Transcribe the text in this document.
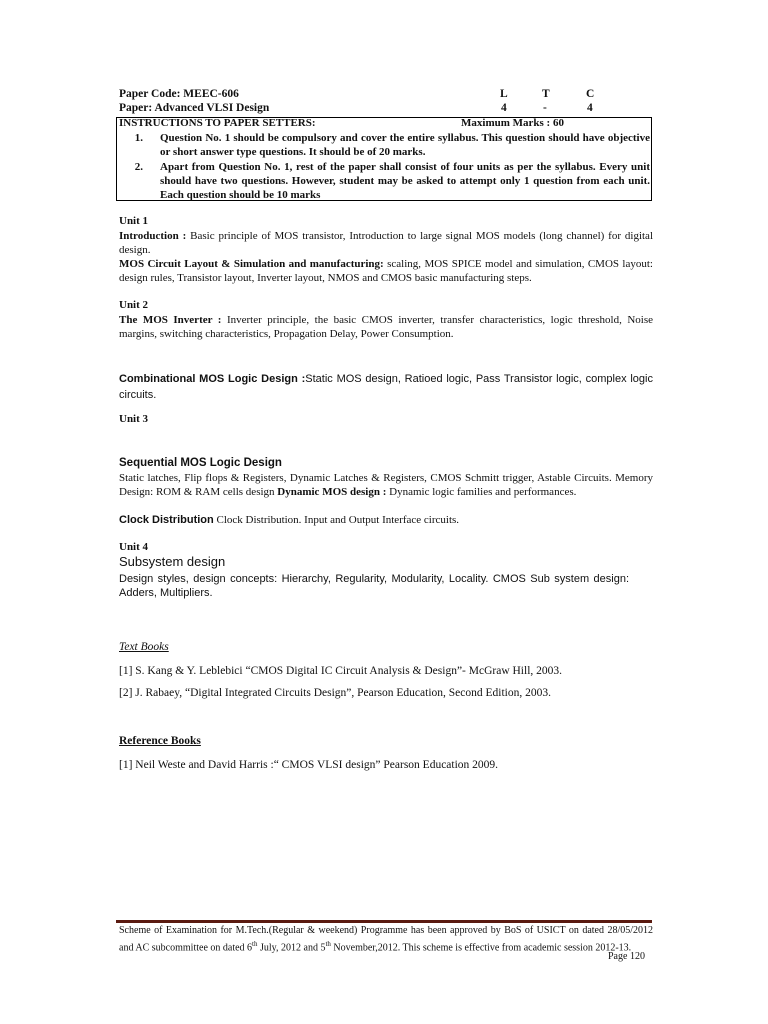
Paper Code: MEEC-606
Paper: Advanced VLSI Design
L	T	C
4	-	4
INSTRUCTIONS TO PAPER SETTERS:	Maximum Marks : 60
1.	Question No. 1 should be compulsory and cover the entire syllabus. This question should have objective or short answer type questions. It should be of 20 marks.
2.	Apart from Question No. 1, rest of the paper shall consist of four units as per the syllabus. Every unit should have two questions. However, student may be asked to attempt only 1 question from each unit. Each question should be 10 marks
Unit 1
Introduction : Basic principle of MOS transistor, Introduction to large signal MOS models (long channel) for digital design.
MOS Circuit Layout & Simulation and manufacturing: scaling, MOS SPICE model and simulation, CMOS layout: design rules, Transistor layout, Inverter layout, NMOS and CMOS basic manufacturing steps.
Unit 2
The MOS Inverter : Inverter principle, the basic CMOS inverter, transfer characteristics, logic threshold, Noise margins, switching characteristics, Propagation Delay, Power Consumption.
Combinational MOS Logic Design :Static MOS design, Ratioed logic, Pass Transistor logic, complex logic circuits.
Unit 3
Sequential MOS Logic Design
Static latches, Flip flops & Registers, Dynamic Latches & Registers, CMOS Schmitt trigger, Astable Circuits. Memory Design: ROM & RAM cells design Dynamic MOS design : Dynamic logic families and performances.
Clock Distribution Clock Distribution. Input and Output Interface circuits.
Unit 4
Subsystem design
Design styles, design concepts: Hierarchy, Regularity, Modularity, Locality. CMOS Sub system design: Adders, Multipliers.
Text Books
[1] S. Kang & Y. Leblebici “CMOS Digital IC Circuit Analysis & Design”- McGraw Hill, 2003.
[2] J. Rabaey, “Digital Integrated Circuits Design”, Pearson Education, Second Edition, 2003.
Reference Books
[1] Neil Weste and David Harris :“ CMOS VLSI design” Pearson Education 2009.
Scheme of Examination for M.Tech.(Regular & weekend) Programme has been approved by BoS of USICT on dated 28/05/2012 and AC subcommittee on dated 6th July, 2012 and 5th November,2012. This scheme is effective from academic session 2012-13.
Page 120
